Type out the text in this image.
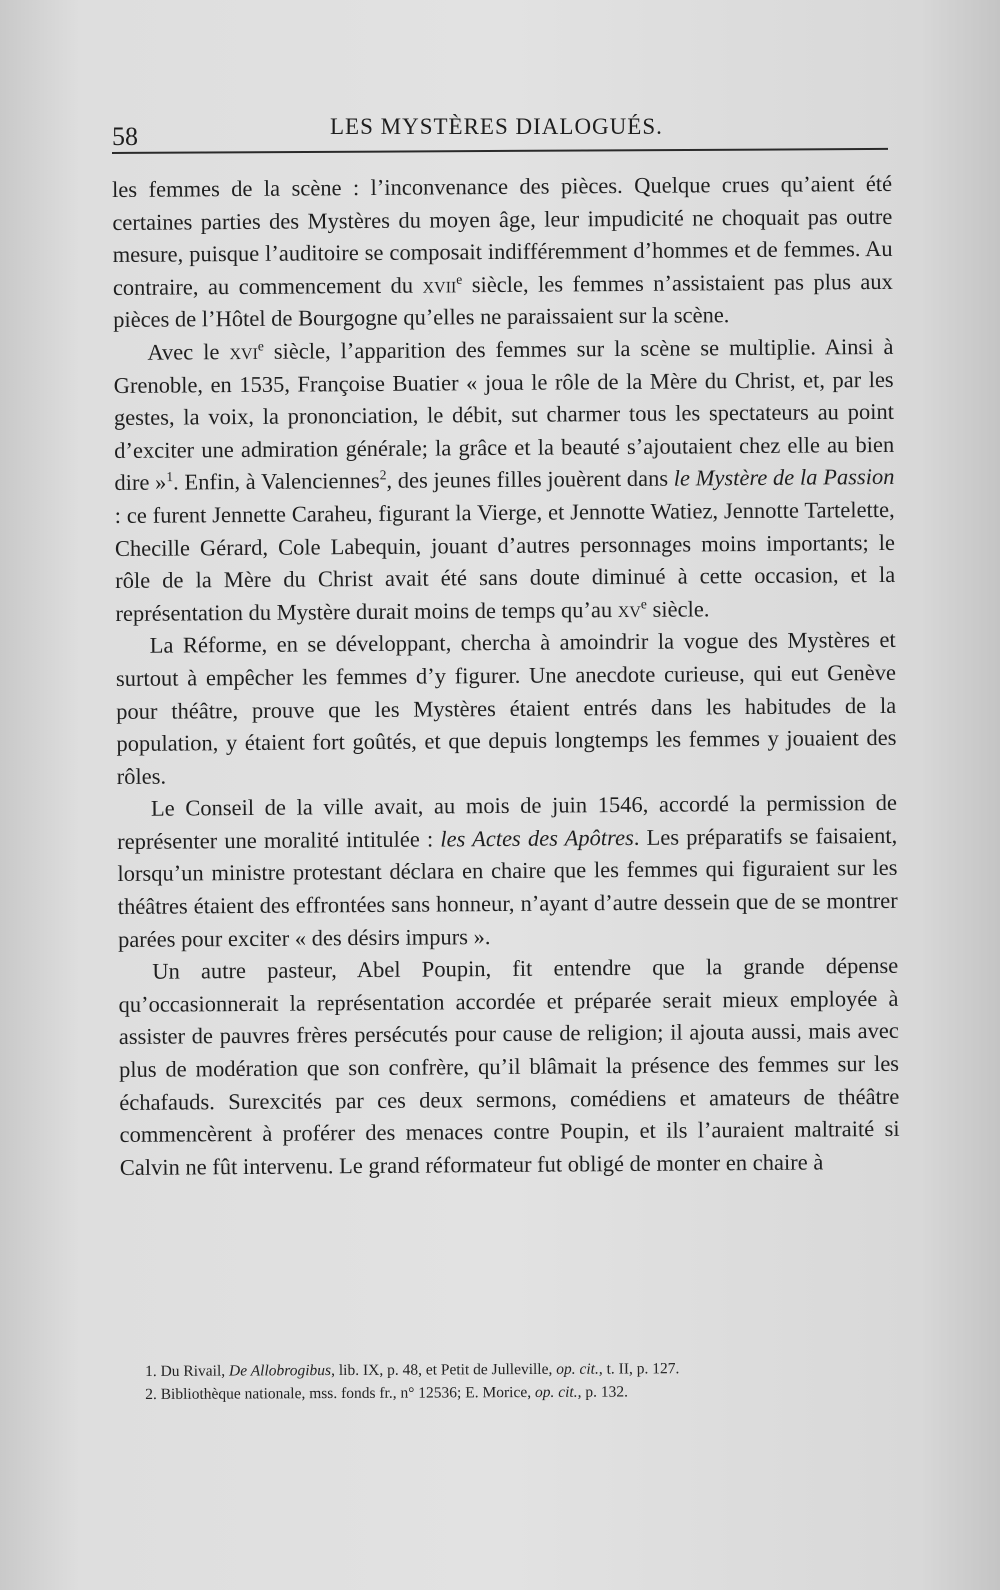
58	LES MYSTÈRES DIALOGUÉS.

les femmes de la scène : l’inconvenance des pièces. Quelque crues qu’aient été certaines parties des Mystères du moyen âge, leur impudicité ne choquait pas outre mesure, puisque l’auditoire se composait indifféremment d’hommes et de femmes. Au contraire, au commencement du xvii$^e$ siècle, les femmes n’assistaient pas plus aux pièces de l’Hôtel de Bourgogne qu’elles ne paraissaient sur la scène.

Avec le xvi$^e$ siècle, l’apparition des femmes sur la scène se multiplie. Ainsi à Grenoble, en 1535, Françoise Buatier « joua le rôle de la Mère du Christ, et, par les gestes, la voix, la prononciation, le débit, sut charmer tous les spectateurs au point d’exciter une admiration générale; la grâce et la beauté s’ajoutaient chez elle au bien dire »$^1$. Enfin, à Valenciennes$^2$, des jeunes filles jouèrent dans le Mystère de la Passion : ce furent Jennette Caraheu, figurant la Vierge, et Jennotte Watiez, Jennotte Tartelette, Checille Gérard, Cole Labequin, jouant d’autres personnages moins importants; le rôle de la Mère du Christ avait été sans doute diminué à cette occasion, et la représentation du Mystère durait moins de temps qu’au $xv^e$ siècle.

La Réforme, en se développant, chercha à amoindrir la vogue des Mystères et surtout à empêcher les femmes d’y figurer. Une anecdote curieuse, qui eut Genève pour théâtre, prouve que les Mystères étaient entrés dans les habitudes de la population, y étaient fort goûtés, et que depuis longtemps les femmes y jouaient des rôles.

Le Conseil de la ville avait, au mois de juin 1546, accordé la permission de représenter une moralité intitulée : les Actes des Apôtres. Les préparatifs se faisaient, lorsqu’un ministre protestant déclara en chaire que les femmes qui figuraient sur les théâtres étaient des effrontées sans honneur, n’ayant d’autre dessein que de se montrer parées pour exciter « des désirs impurs ».

Un autre pasteur, Abel Poupin, fit entendre que la grande dépense qu’occasionnerait la représentation accordée et préparée serait mieux employée à assister de pauvres frères persécutés pour cause de religion; il ajouta aussi, mais avec plus de modération que son confrère, qu’il blâmait la présence des femmes sur les échafauds. Surexcités par ces deux sermons, comédiens et amateurs de théâtre commencèrent à proférer des menaces contre Poupin, et ils l’auraient maltraité si Calvin ne fût intervenu. Le grand réformateur fut obligé de monter en chaire à

1. Du Rivail, De Allobrogibus, lib. IX, p. 48, et Petit de Julleville, op. cit., t. II, p. 127.
2. Bibliothèque nationale, mss. fonds fr., n° 12536; E. Morice, op. cit., p. 132.
